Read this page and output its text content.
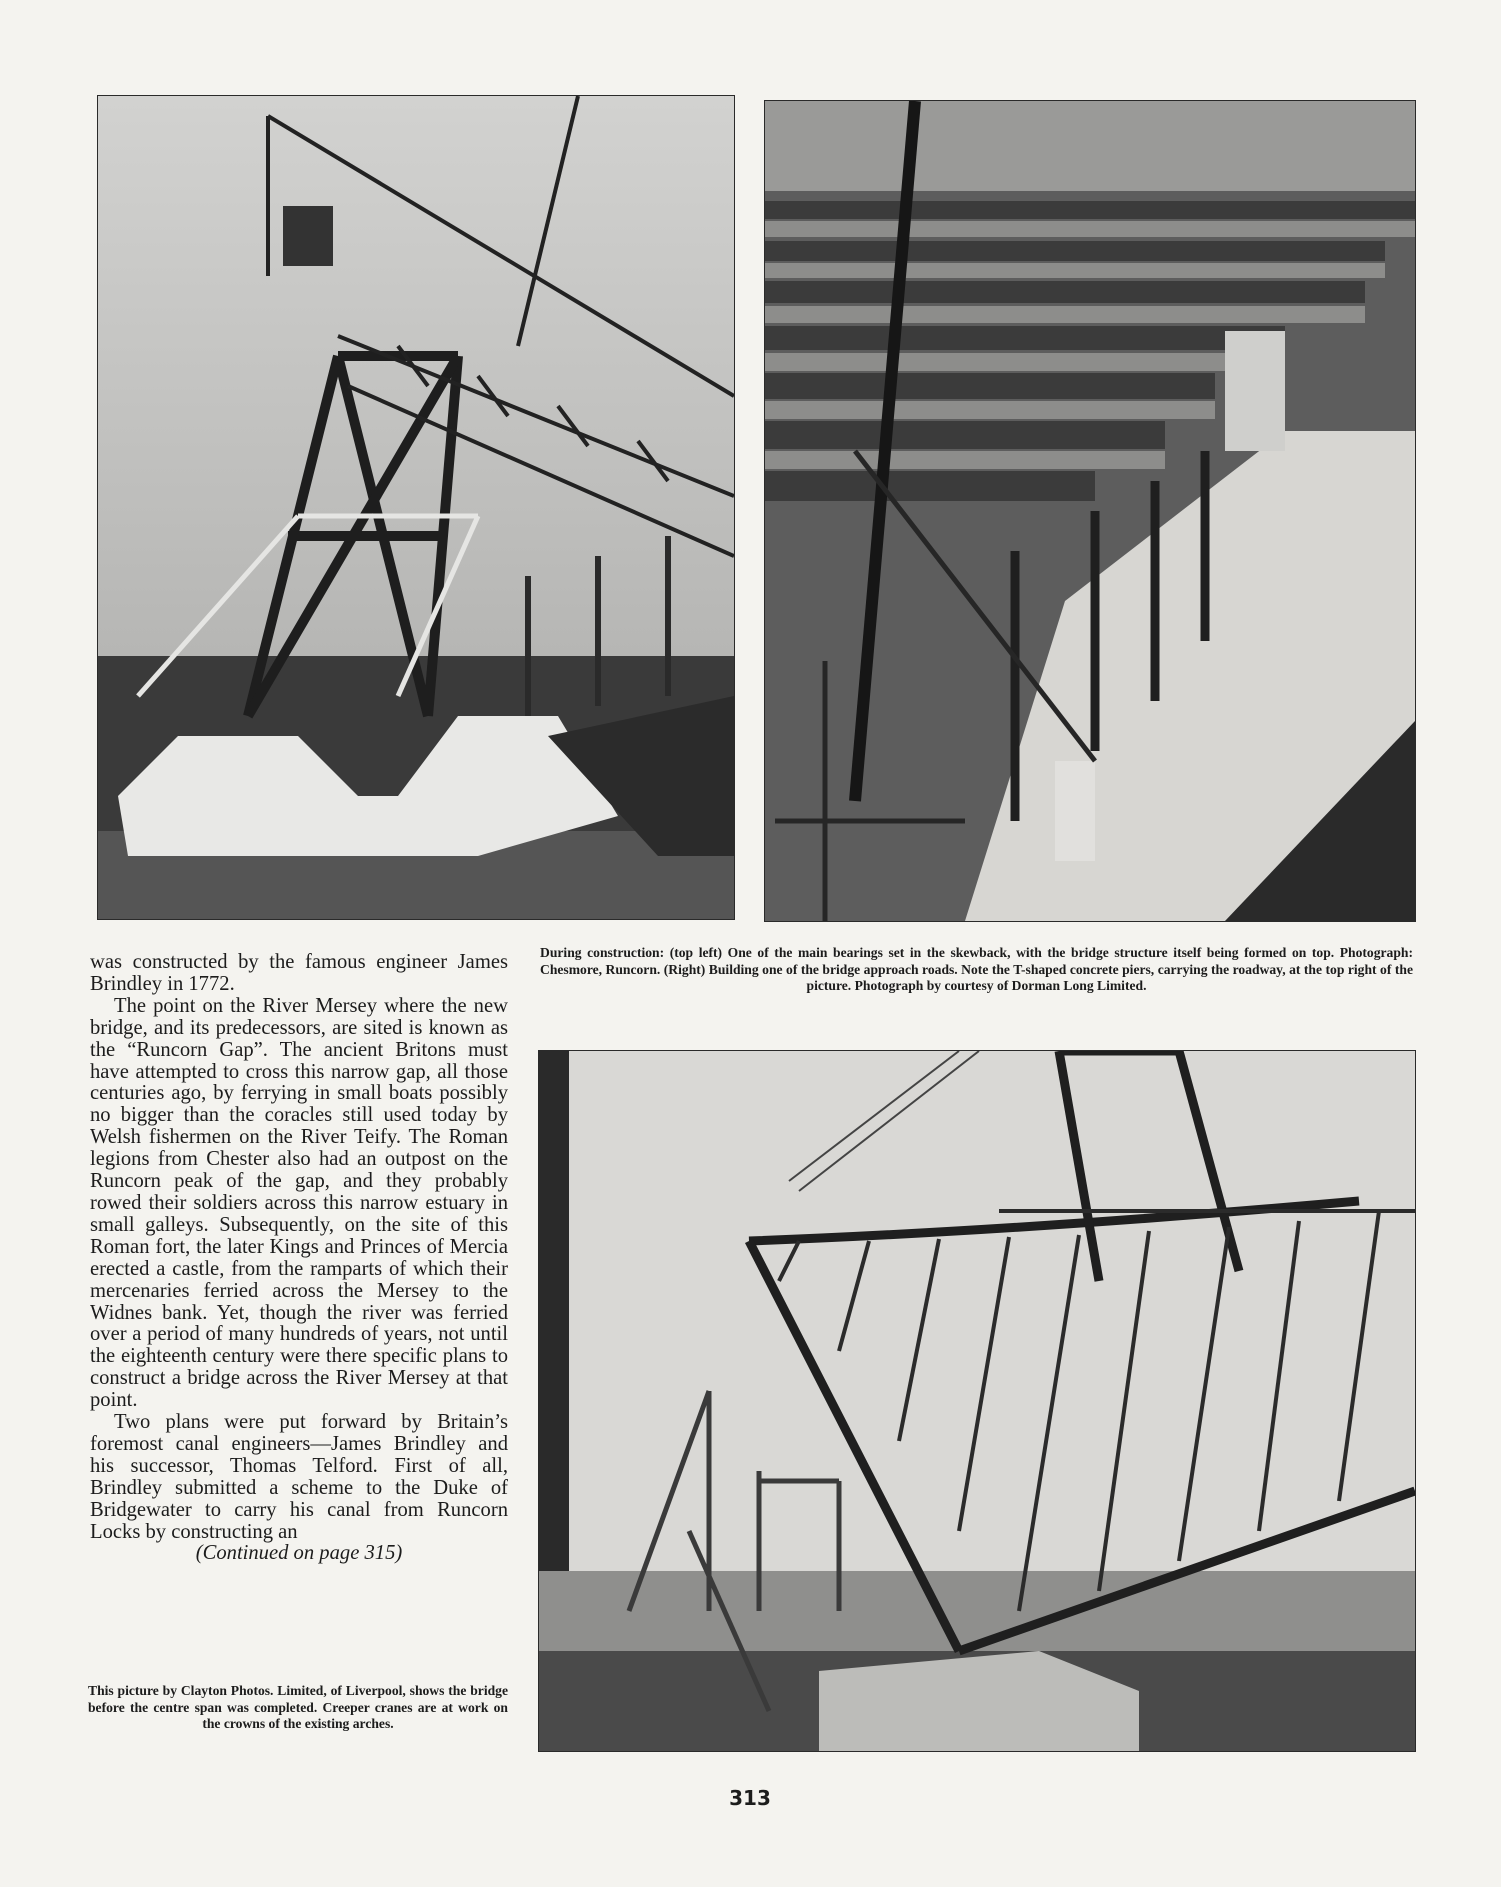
During construction: (top left) One of the main bearings set in the skewback, with the bridge structure itself being formed on top. Photograph: Chesmore, Runcorn. (Right) Building one of the bridge approach roads. Note the T-shaped concrete piers, carrying the roadway, at the top right of the picture. Photograph by courtesy of Dorman Long Limited.

was constructed by the famous engineer James Brindley in 1772.

The point on the River Mersey where the new bridge, and its predecessors, are sited is known as the “Runcorn Gap”. The ancient Britons must have attempted to cross this narrow gap, all those centuries ago, by ferrying in small boats possibly no bigger than the coracles still used today by Welsh fishermen on the River Teify. The Roman legions from Chester also had an outpost on the Runcorn peak of the gap, and they probably rowed their soldiers across this narrow estuary in small galleys. Subsequently, on the site of this Roman fort, the later Kings and Princes of Mercia erected a castle, from the ramparts of which their mercenaries ferried across the Mersey to the Widnes bank. Yet, though the river was ferried over a period of many hundreds of years, not until the eighteenth century were there specific plans to construct a bridge across the River Mersey at that point.

Two plans were put forward by Britain’s foremost canal engineers—James Brindley and his successor, Thomas Telford. First of all, Brindley submitted a scheme to the Duke of Bridgewater to carry his canal from Runcorn Locks by constructing an

(Continued on page 315)

This picture by Clayton Photos. Limited, of Liverpool, shows the bridge before the centre span was completed. Creeper cranes are at work on the crowns of the existing arches.

313
